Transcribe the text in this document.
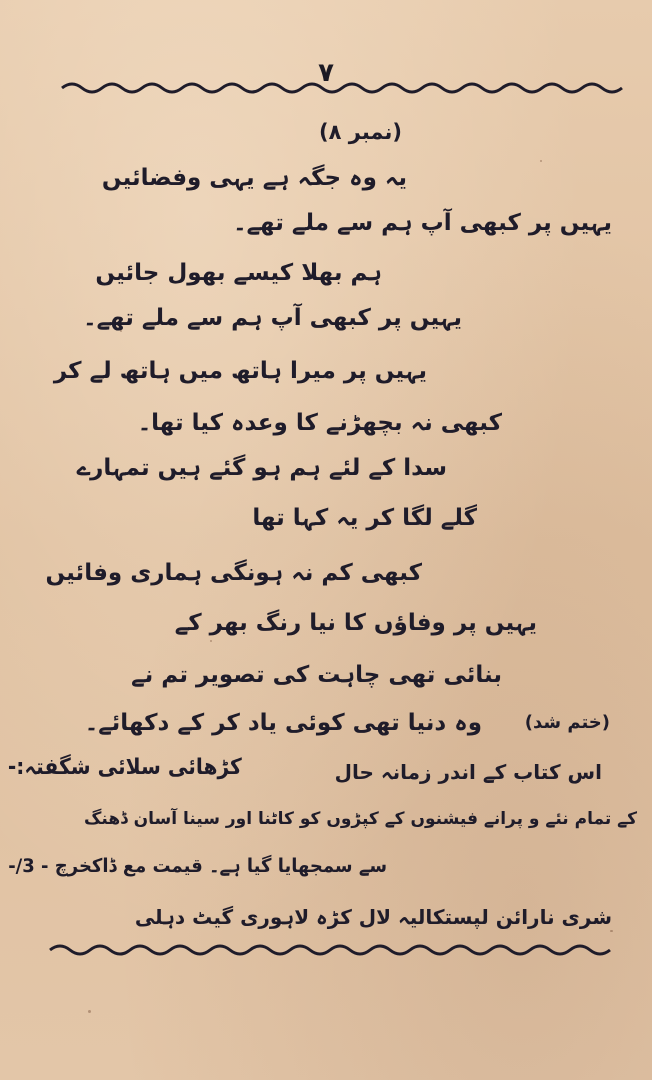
۷
(نمبر ۸)
یہ وہ جگہ ہے یہی وفضائیں
یہیں پر کبھی آپ ہم سے ملے تھے۔
ہم بھلا کیسے بھول جائیں
یہیں پر کبھی آپ ہم سے ملے تھے۔
یہیں پر میرا ہاتھ میں ہاتھ لے کر
کبھی نہ بچھڑنے کا وعدہ کیا تھا۔
سدا کے لئے ہم ہو گئے ہیں تمہارے
گلے لگا کر یہ کہا تھا
کبھی کم نہ ہونگی ہماری وفائیں
یہیں پر وفاؤں کا نیا رنگ بھر کے
بنائی تھی چاہت کی تصویر تم نے
وہ دنیا تھی کوئی یاد کر کے دکھائے۔ (ختم شد)
کڑھائی سلائی شگفتہ:-	اس کتاب کے اندر زمانہ حال
کے تمام نئے و پرانے فیشنوں کے کپڑوں کو کاٹنا اور سینا آسان ڈھنگ
سے سمجھایا گیا ہے۔ قیمت مع ڈاکخرچ - 3/-
شری نارائن لپستکالیہ لال کڑہ لاہوری گیٹ دہلی
